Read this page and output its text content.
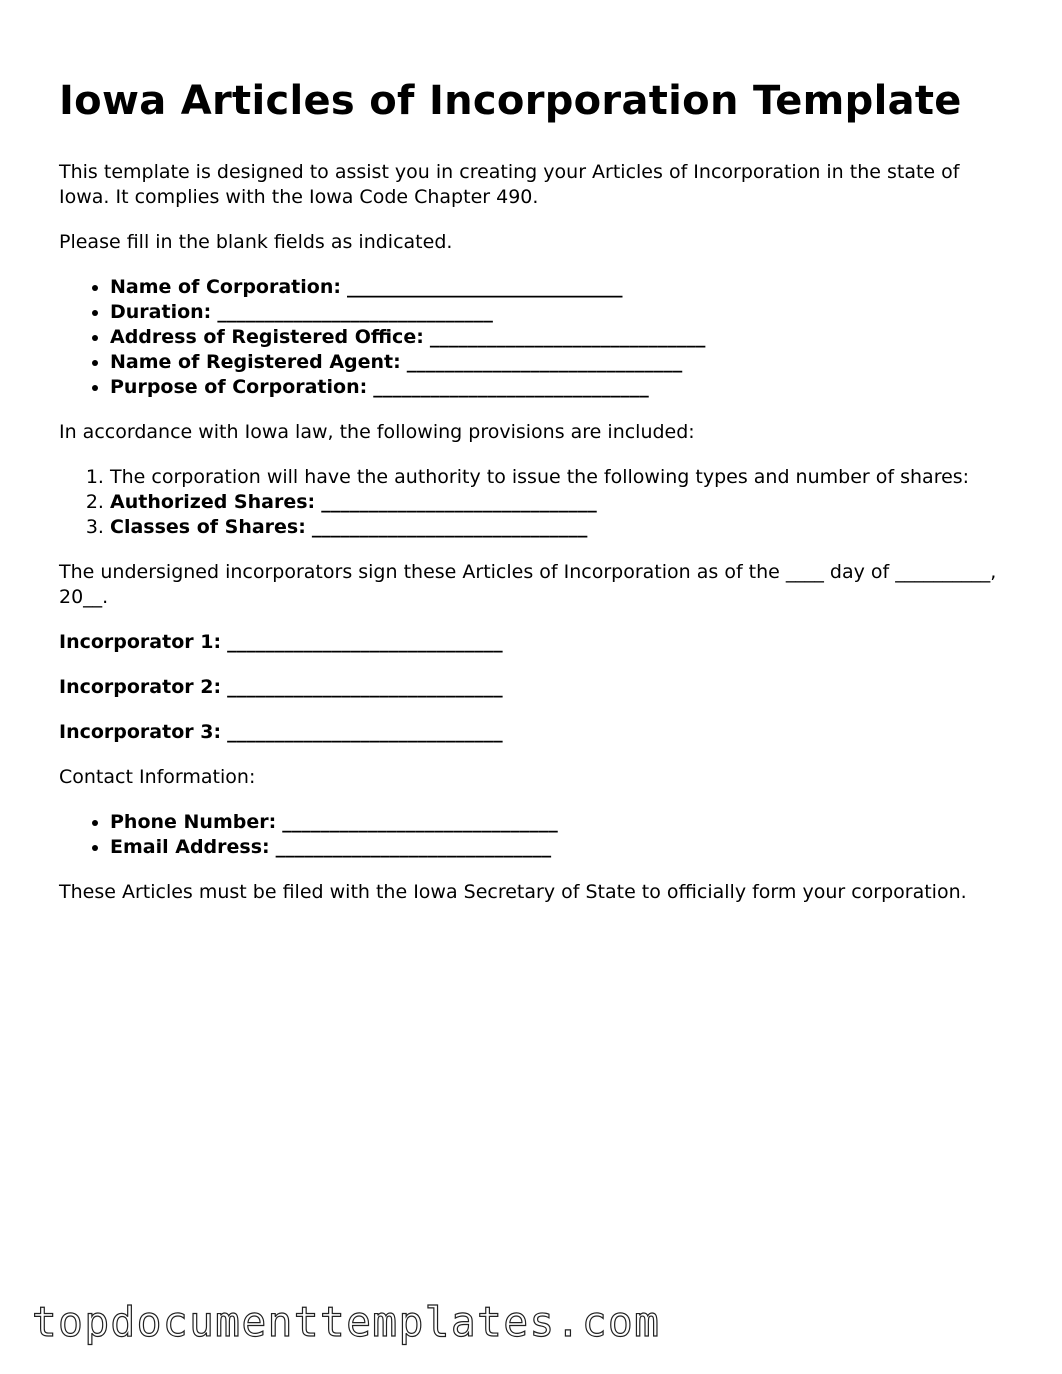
Iowa Articles of Incorporation Template

This template is designed to assist you in creating your Articles of Incorporation in the state of Iowa. It complies with the Iowa Code Chapter 490.

Please fill in the blank fields as indicated.

• Name of Corporation: _____________________________
• Duration: _____________________________
• Address of Registered Office: _____________________________
• Name of Registered Agent: _____________________________
• Purpose of Corporation: _____________________________

In accordance with Iowa law, the following provisions are included:

1. The corporation will have the authority to issue the following types and number of shares:
2. Authorized Shares: _____________________________
3. Classes of Shares: _____________________________

The undersigned incorporators sign these Articles of Incorporation as of the ____ day of __________, 20__.

Incorporator 1: _____________________________

Incorporator 2: _____________________________

Incorporator 3: _____________________________

Contact Information:

• Phone Number: _____________________________
• Email Address: _____________________________

These Articles must be filed with the Iowa Secretary of State to officially form your corporation.

topdocumenttemplates.com
